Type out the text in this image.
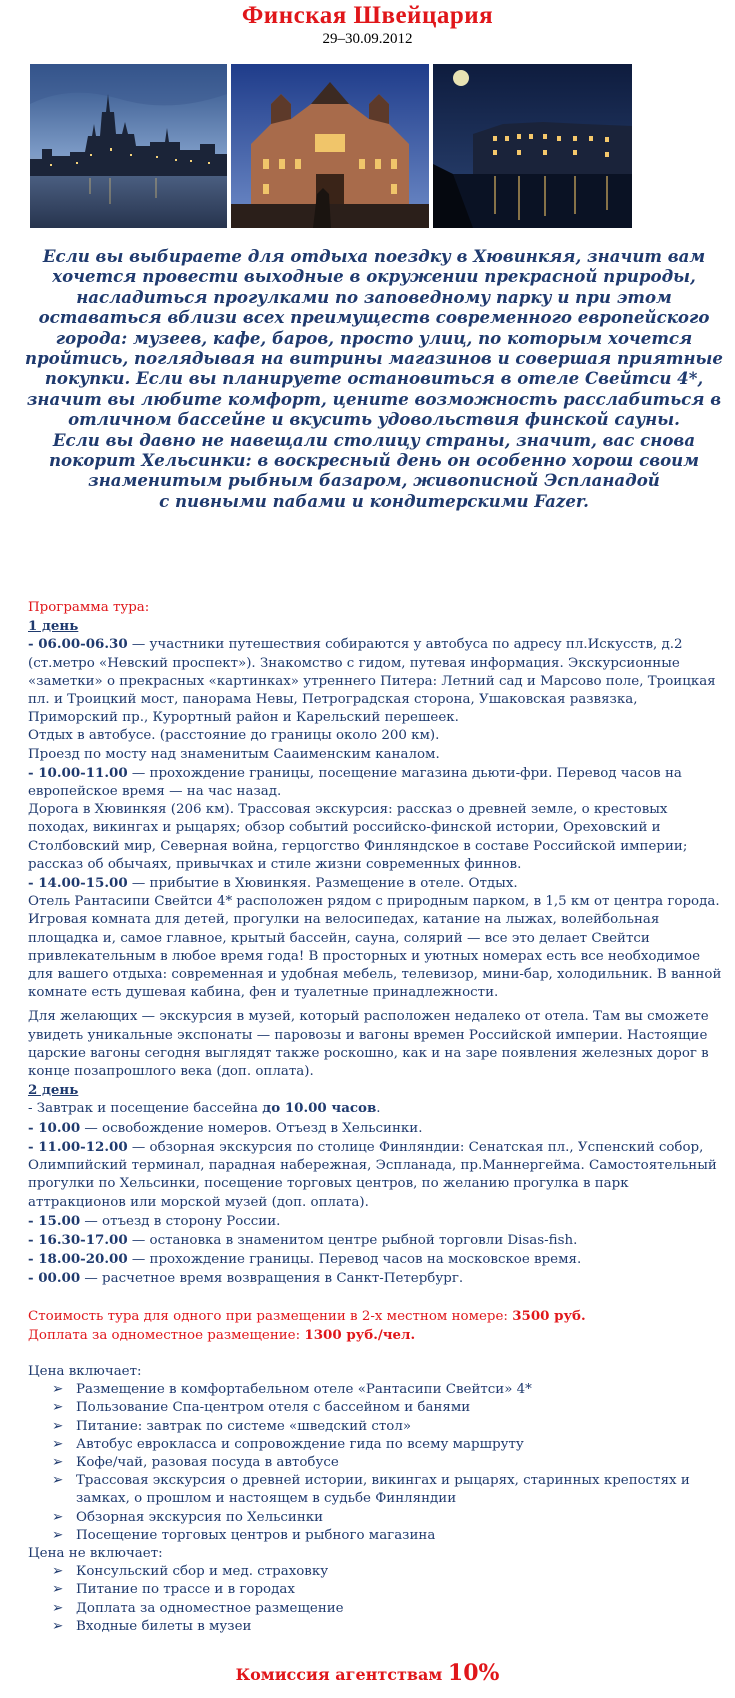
Финская Швейцария
29–30.09.2012

Если вы выбираете для отдыха поездку в Хювинкяя, значит вам хочется провести выходные в окружении прекрасной природы, насладиться прогулками по заповедному парку и при этом оставаться вблизи всех преимуществ современного европейского города: музеев, кафе, баров, просто улиц, по которым хочется пройтись, поглядывая на витрины магазинов и совершая приятные покупки. Если вы планируете остановиться в отеле Свейтси 4*, значит вы любите комфорт, цените возможность расслабиться в отличном бассейне и вкусить удовольствия финской сауны.

Если вы давно не навещали столицу страны, значит, вас снова покорит Хельсинки: в воскресный день он особенно хорош своим знаменитым рыбным базаром, живописной Эспланадой

с пивными пабами и кондитерскими Fazer.

Программа тура:

1 день

- 06.00-06.30 — участники путешествия собираются у автобуса по адресу пл.Искусств, д.2 (ст.метро «Невский проспект»). Знакомство с гидом, путевая информация. Экскурсионные «заметки» о прекрасных «картинках» утреннего Питера: Летний сад и Марсово поле, Троицкая пл. и Троицкий мост, панорама Невы, Петроградская сторона, Ушаковская развязка, Приморский пр., Курортный район и Карельский перешеек.

Отдых в автобусе. (расстояние до границы около 200 км).

Проезд по мосту над знаменитым Сааименским каналом.

- 10.00-11.00 — прохождение границы, посещение магазина дьюти-фри. Перевод часов на европейское время — на час назад.

Дорога в Хювинкяя (206 км). Трассовая экскурсия: рассказ о древней земле, о крестовых походах, викингах и рыцарях; обзор событий российско-финской истории, Ореховский и Столбовский мир, Северная война, герцогство Финляндское в составе Российской империи; рассказ об обычаях, привычках и стиле жизни современных финнов.

- 14.00-15.00 — прибытие в Хювинкяя. Размещение в отеле. Отдых.

Отель Рантасипи Свейтси 4* расположен рядом с природным парком, в 1,5 км от центра города. Игровая комната для детей, прогулки на велосипедах, катание на лыжах, волейбольная площадка и, самое главное, крытый бассейн, сауна, солярий — все это делает Свейтси привлекательным в любое время года! В просторных и уютных номерах есть все необходимое для вашего отдыха: современная и удобная мебель, телевизор, мини-бар, холодильник. В ванной комнате есть душевая кабина, фен и туалетные принадлежности.

Для желающих — экскурсия в музей, который расположен недалеко от отела. Там вы сможете увидеть уникальные экспонаты — паровозы и вагоны времен Российской империи. Настоящие царские вагоны сегодня выглядят также роскошно, как и на заре появления железных дорог в конце позапрошлого века (доп. оплата).

2 день

- Завтрак и посещение бассейна до 10.00 часов.

- 10.00 — освобождение номеров. Отъезд в Хельсинки.

- 11.00-12.00 — обзорная экскурсия по столице Финляндии: Сенатская пл., Успенский собор, Олимпийский терминал, парадная набережная, Эспланада, пр.Маннергейма. Самостоятельный прогулки по Хельсинки, посещение торговых центров, по желанию прогулка в парк аттракционов или морской музей (доп. оплата).

- 15.00 — отъезд в сторону России.

- 16.30-17.00 — остановка в знаменитом центре рыбной торговли Disas-fish.

- 18.00-20.00 — прохождение границы. Перевод часов на московское время.

- 00.00 — расчетное время возвращения в Санкт-Петербург.

Стоимость тура для одного при размещении в 2-х местном номере: 3500 руб.

Доплата за одноместное размещение: 1300 руб./чел.

Цена включает:

➢ Размещение в комфортабельном отеле «Рантасипи Свейтси» 4*
➢ Пользование Спа-центром отеля с бассейном и банями
➢ Питание: завтрак по системе «шведский стол»
➢ Автобус еврокласса и сопровождение гида по всему маршруту
➢ Кофе/чай, разовая посуда в автобусе
➢ Трассовая экскурсия о древней истории, викингах и рыцарях, старинных крепостях и замках, о прошлом и настоящем в судьбе Финляндии
➢ Обзорная экскурсия по Хельсинки
➢ Посещение торговых центров и рыбного магазина

Цена не включает:

➢ Консульский сбор и мед. страховку
➢ Питание по трассе и в городах
➢ Доплата за одноместное размещение
➢ Входные билеты в музеи
Комиссия агентствам 10%
